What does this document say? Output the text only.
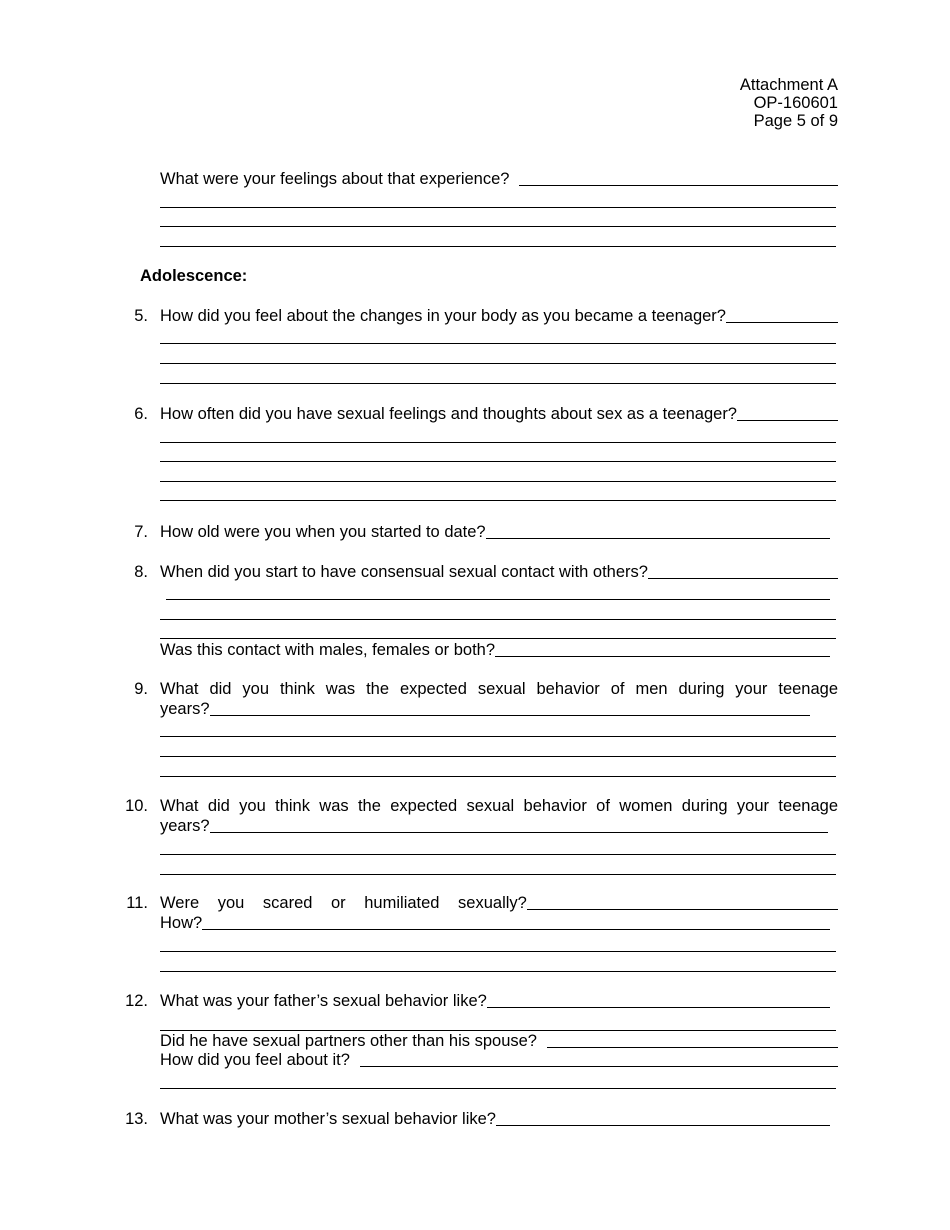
Attachment A
OP-160601
Page 5 of 9
What were your feelings about that experience?
Adolescence:
5. How did you feel about the changes in your body as you became a teenager?
6. How often did you have sexual feelings and thoughts about sex as a teenager?
7. How old were you when you started to date?
8. When did you start to have consensual sexual contact with others?
Was this contact with males, females or both?
9. What did you think was the expected sexual behavior of men during your teenage
years?
10. What did you think was the expected sexual behavior of women during your teenage
years?
11. Were you scared or humiliated sexually?
How?
12. What was your father’s sexual behavior like?
Did he have sexual partners other than his spouse?
How did you feel about it?
13. What was your mother’s sexual behavior like?
